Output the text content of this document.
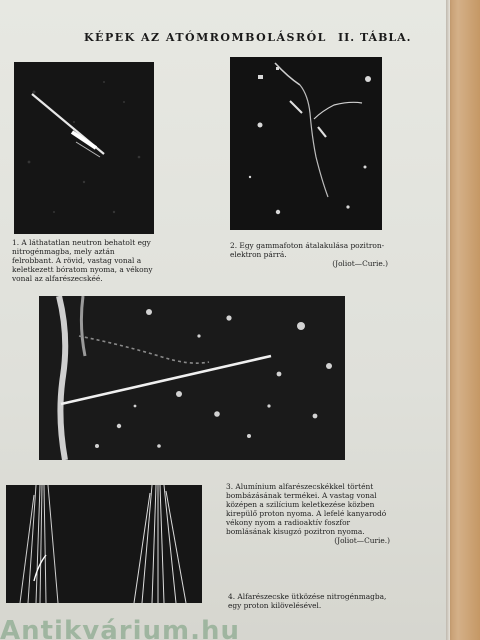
KÉPEK AZ ATÓMROMBOLÁSRÓL II. TÁBLA.

1. A láthatatlan neutron behatolt egy nitrogénmagba, mely aztán felrobbant. A rövid, vastag vonal a keletkezett bóratom nyoma, a vékony vonal az alfarészecskéé.

2. Egy gammafoton átalakulása pozitron-elektron párrá.

(Joliot—Curie.)

3. Alumínium alfarészecskékkel történt bombázásának termékei. A vastag vonal középen a szilícium keletkezése közben kirepülő proton nyoma. A lefelé kanyarodó vékony nyom a radioaktív foszfor bomlásának kisugzó pozitron nyoma.

(Joliot—Curie.)

4. Alfarészecske ütközése nitrogénmagba, egy proton kilövelésével.

Antikvárium.hu
